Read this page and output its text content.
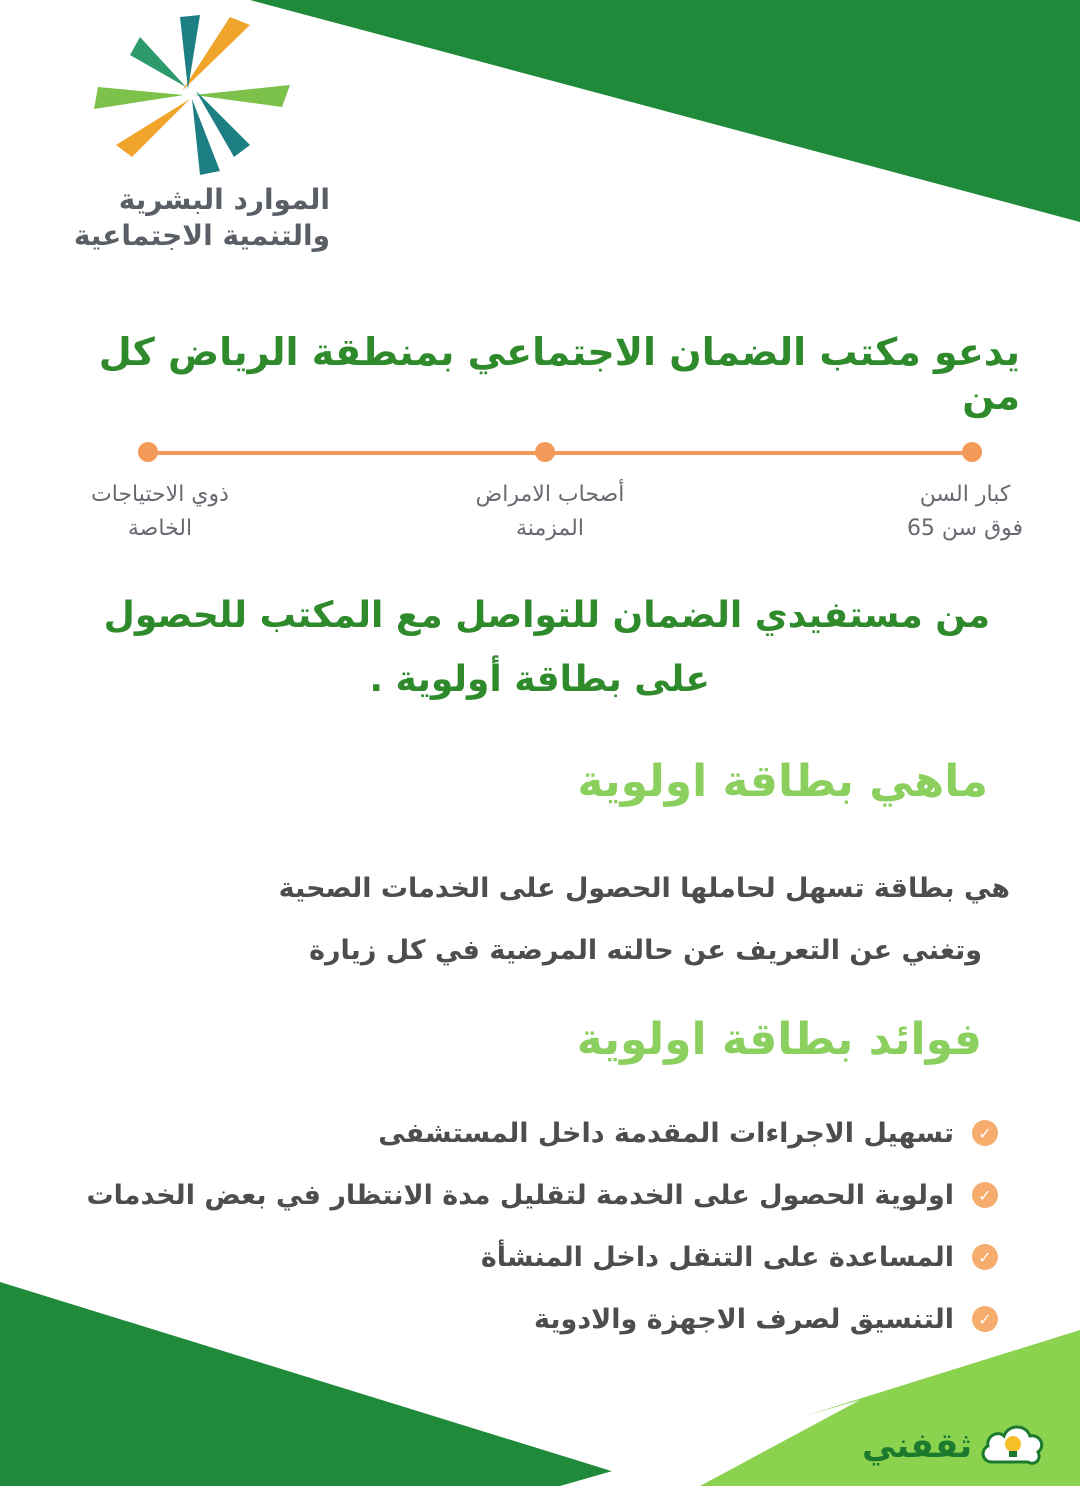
الموارد البشرية
والتنمية الاجتماعية
يدعو مكتب الضمان الاجتماعي بمنطقة الرياض كل من
كبار السن
فوق سن 65
أصحاب الامراض
المزمنة
ذوي الاحتياجات
الخاصة
من مستفيدي الضمان للتواصل مع المكتب للحصول
على بطاقة أولوية .
ماهي بطاقة اولوية
هي بطاقة تسهل لحاملها الحصول على الخدمات الصحية
وتغني عن التعريف عن حالته المرضية في كل زيارة
فوائد بطاقة اولوية
✓
تسهيل الاجراءات المقدمة داخل المستشفى
✓
اولوية الحصول على الخدمة لتقليل مدة الانتظار في بعض الخدمات
✓
المساعدة على التنقل داخل المنشأة
✓
التنسيق لصرف الاجهزة والادوية
ثقفني
